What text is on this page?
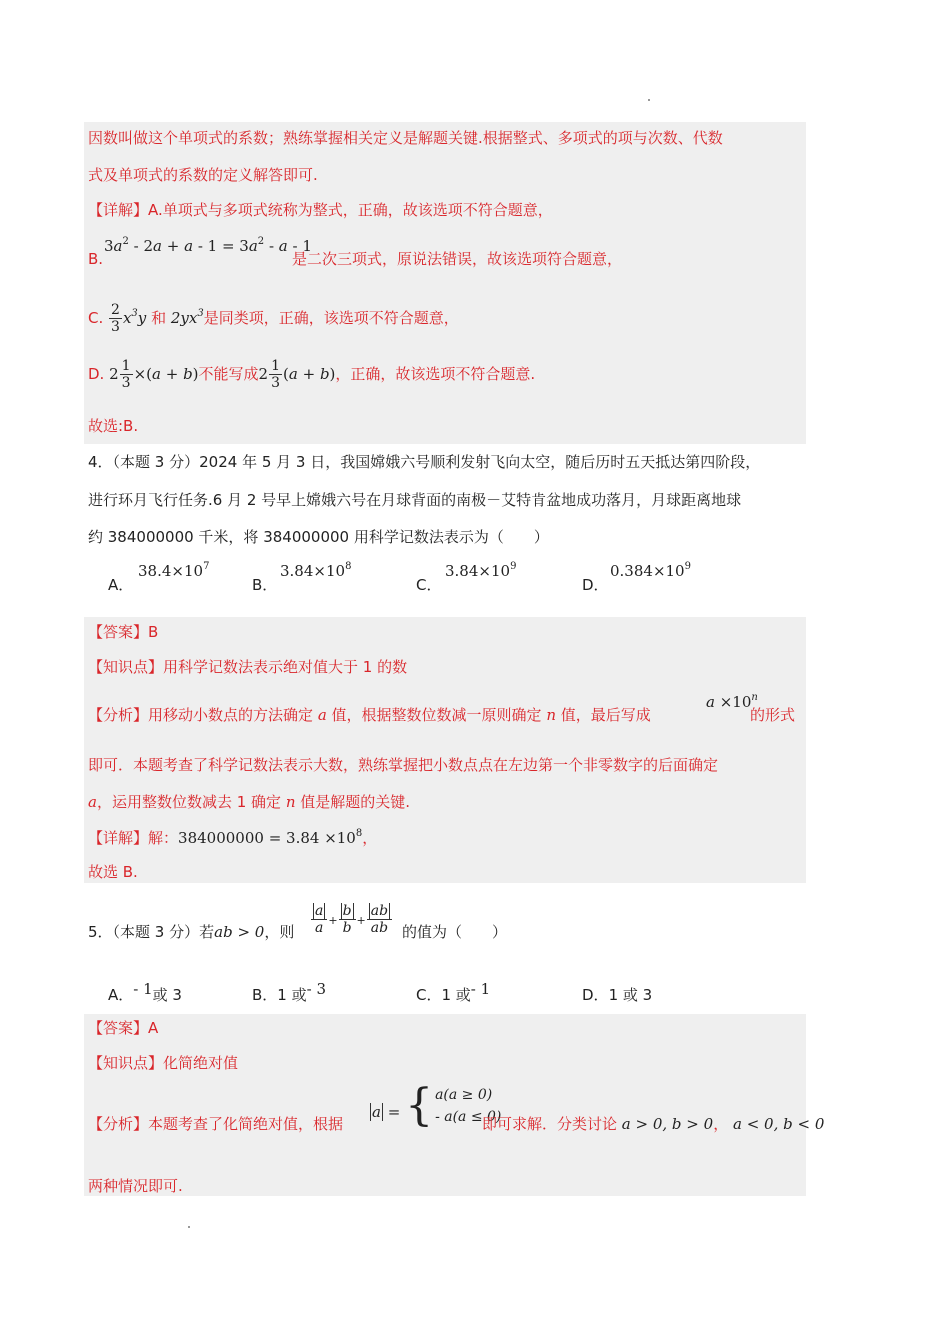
因数叫做这个单项式的系数；熟练掌握相关定义是解题关键.根据整式、多项式的项与次数、代数
式及单项式的系数的定义解答即可.
【详解】A.单项式与多项式统称为整式，正确，故该选项不符合题意，
$3a^2 - 2a + a - 1 = 3a^2 - a - 1$
B.	是二次三项式，原说法错误，故该选项符合题意，
C. $\frac{2}{3} x^3y$ 和 $2yx^3$是同类项，正确，该选项不符合题意，
D. $2 \frac{1}{3} \times(a + b)$不能写成$2 \frac{1}{3} (a + b)$，正确，故该选项不符合题意.
故选:B.
4．（本题 3 分）2024 年 5 月 3 日，我国嫦娥六号顺利发射飞向太空，随后历时五天抵达第四阶段，
进行环月飞行任务.6 月 2 号早上嫦娥六号在月球背面的南极－艾特肯盆地成功落月，月球距离地球
约 384000000 千米，将 384000000 用科学记数法表示为（　　）
A．
$38.4\times 10^7$
B．
$3.84\times 10^8$
C．
$3.84\times 10^9$
D．
$0.384\times 10^9$
【答案】B
【知识点】用科学记数法表示绝对值大于 1 的数
【分析】用移动小数点的方法确定 a 值，根据整数位数减一原则确定 n 值，最后写成
$a \times 10^n$
的形式
即可．本题考查了科学记数法表示大数，熟练掌握把小数点点在左边第一个非零数字的后面确定
a，运用整数位数减去 1 确定 n 值是解题的关键.
【详解】解：$384000000 = 3.84 \times 10^8$，
故选 B.
5．（本题 3 分）若ab > 0，则 $\frac{a}{a} + \frac{b}{b} + \frac{ab}{ab}$ 的值为（　　）
A．- 1或 3	B．1 或- 3	C．1 或- 1	D．1 或 3
【答案】A
【知识点】化简绝对值
【分析】本题考查了化简绝对值，根据
a = { a(a ≥ 0)
- a(a ≤ 0)
即可求解．分类讨论 a > 0, b > 0， a < 0, b < 0
两种情况即可.
